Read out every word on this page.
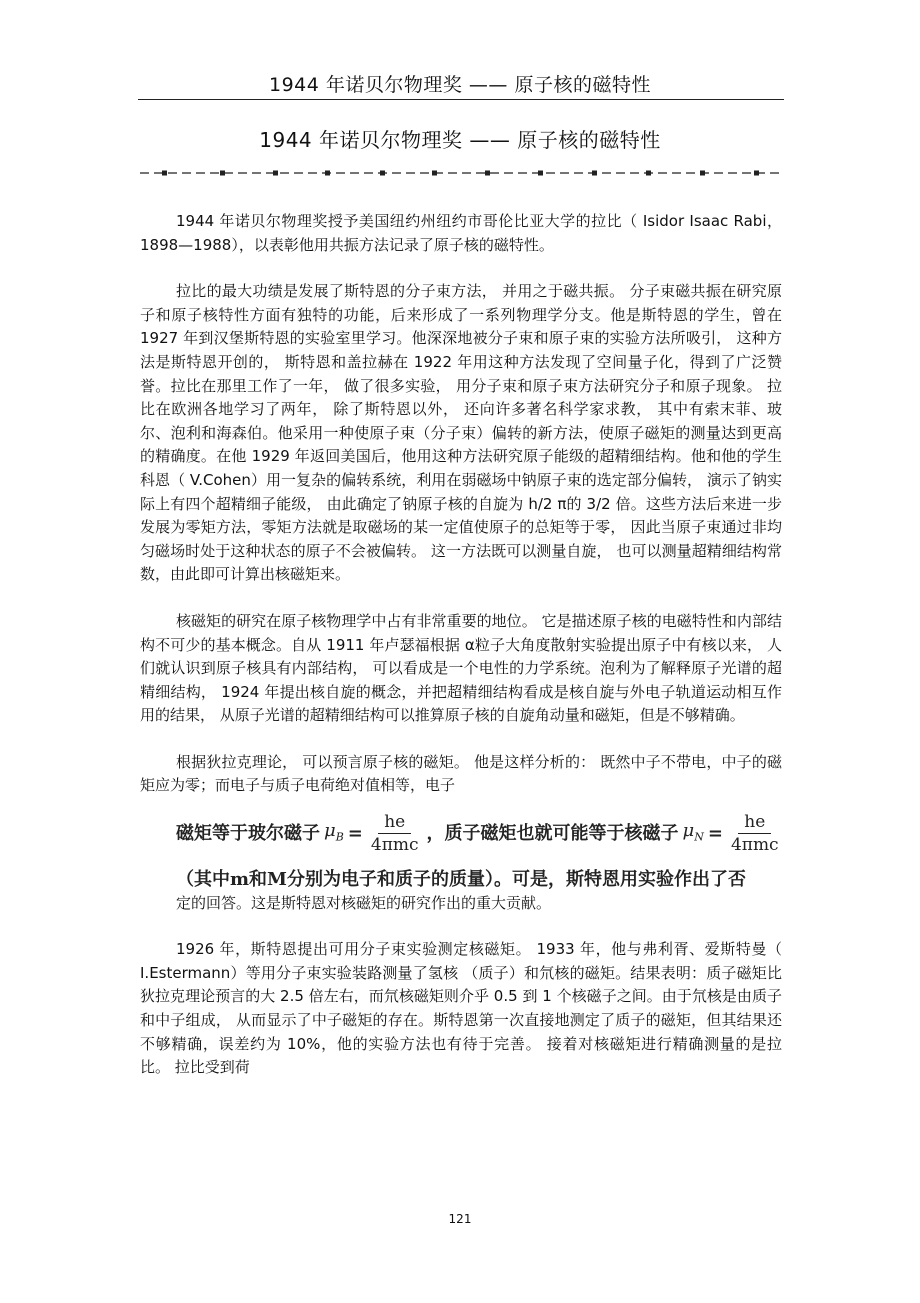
1944 年诺贝尔物理奖 —— 原子核的磁特性
1944 年诺贝尔物理奖 —— 原子核的磁特性

1944 年诺贝尔物理奖授予美国纽约州纽约市哥伦比亚大学的拉比（ Isidor Isaac Rabi， 1898—1988），以表彰他用共振方法记录了原子核的磁特性。

拉比的最大功绩是发展了斯特恩的分子束方法， 并用之于磁共振。 分子束磁共振在研究原子和原子核特性方面有独特的功能，后来形成了一系列物理学分支。他是斯特恩的学生，曾在 1927 年到汉堡斯特恩的实验室里学习。他深深地被分子束和原子束的实验方法所吸引， 这种方法是斯特恩开创的， 斯特恩和盖拉赫在 1922 年用这种方法发现了空间量子化，得到了广泛赞誉。拉比在那里工作了一年， 做了很多实验， 用分子束和原子束方法研究分子和原子现象。 拉比在欧洲各地学习了两年， 除了斯特恩以外， 还向许多著名科学家求教， 其中有索末菲、玻尔、泡利和海森伯。他采用一种使原子束（分子束）偏转的新方法，使原子磁矩的测量达到更高的精确度。在他 1929 年返回美国后，他用这种方法研究原子能级的超精细结构。他和他的学生科恩（ V.Cohen）用一复杂的偏转系统，利用在弱磁场中钠原子束的选定部分偏转， 演示了钠实际上有四个超精细子能级， 由此确定了钠原子核的自旋为 h/2 π的 3/2 倍。这些方法后来进一步发展为零矩方法，零矩方法就是取磁场的某一定值使原子的总矩等于零， 因此当原子束通过非均匀磁场时处于这种状态的原子不会被偏转。 这一方法既可以测量自旋， 也可以测量超精细结构常数，由此即可计算出核磁矩来。

核磁矩的研究在原子核物理学中占有非常重要的地位。 它是描述原子核的电磁特性和内部结构不可少的基本概念。自从 1911 年卢瑟福根据 α粒子大角度散射实验提出原子中有核以来， 人们就认识到原子核具有内部结构， 可以看成是一个电性的力学系统。泡利为了解释原子光谱的超精细结构， 1924 年提出核自旋的概念，并把超精细结构看成是核自旋与外电子轨道运动相互作用的结果， 从原子光谱的超精细结构可以推算原子核的自旋角动量和磁矩，但是不够精确。

根据狄拉克理论， 可以预言原子核的磁矩。 他是这样分析的： 既然中子不带电，中子的磁矩应为零；而电子与质子电荷绝对值相等，电子

磁矩等于玻尔磁子 $\mu_B = \frac{he}{\text{4πmc}}$ ，质子磁矩也就可能等于核磁子 $\mu_N = \frac{he}{\text{4πmc}}$
（其中m和M分别为电子和质子的质量）。可是，斯特恩用实验作出了否

定的回答。这是斯特恩对核磁矩的研究作出的重大贡献。

1926 年，斯特恩提出可用分子束实验测定核磁矩。 1933 年，他与弗利胥、爱斯特曼（ I.Estermann）等用分子束实验装路测量了氢核 （质子）和氘核的磁矩。结果表明：质子磁矩比狄拉克理论预言的大 2.5 倍左右，而氘核磁矩则介乎 0.5 到 1 个核磁子之间。由于氘核是由质子和中子组成， 从而显示了中子磁矩的存在。斯特恩第一次直接地测定了质子的磁矩，但其结果还不够精确，误差约为 10%，他的实验方法也有待于完善。 接着对核磁矩进行精确测量的是拉比。 拉比受到荷

121
